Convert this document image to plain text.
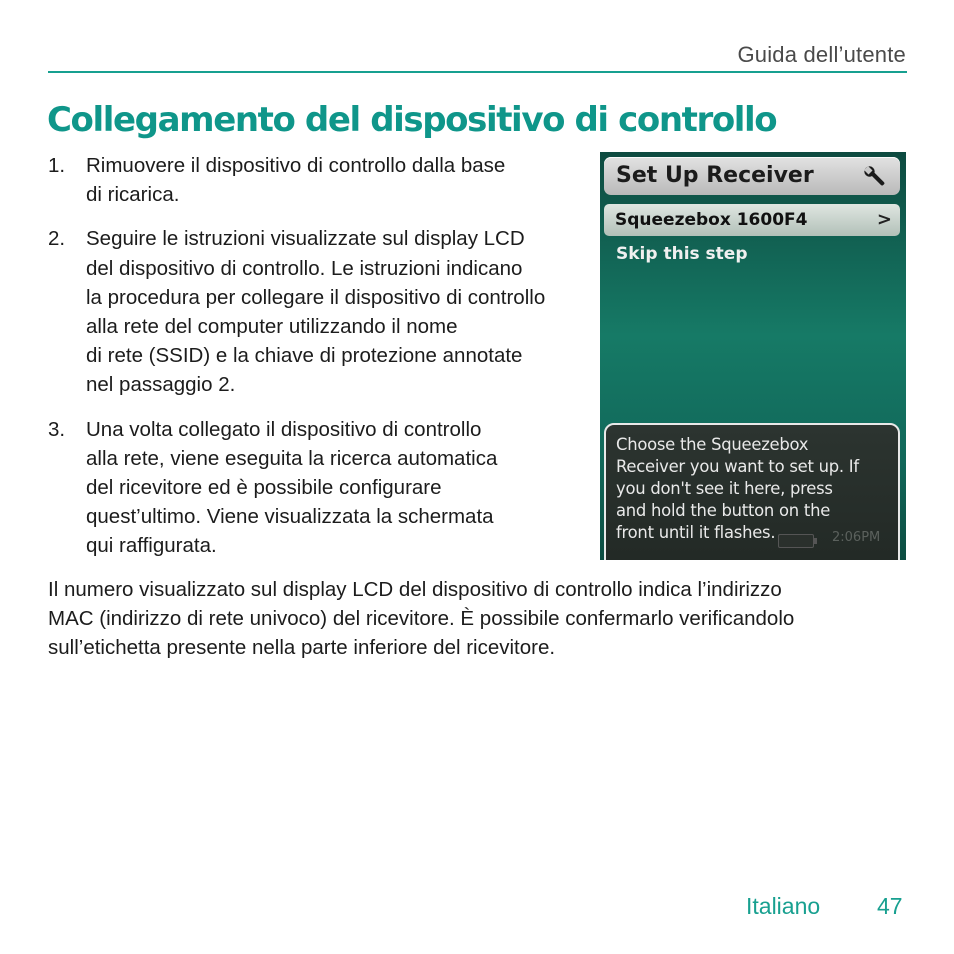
Guida dell’utente
Collegamento del dispositivo di controllo
1. Rimuovere il dispositivo di controllo dalla base
di ricarica.
2. Seguire le istruzioni visualizzate sul display LCD
del dispositivo di controllo. Le istruzioni indicano
la procedura per collegare il dispositivo di controllo
alla rete del computer utilizzando il nome
di rete (SSID) e la chiave di protezione annotate
nel passaggio 2.
3. Una volta collegato il dispositivo di controllo
alla rete, viene eseguita la ricerca automatica
del ricevitore ed è possibile configurare
quest’ultimo. Viene visualizzata la schermata
qui raffigurata.
Set Up Receiver
Squeezebox 1600F4	>
Skip this step
Choose the Squeezebox
Receiver you want to set up. If
you don't see it here, press
and hold the button on the
front until it flashes.	2:06PM
Il numero visualizzato sul display LCD del dispositivo di controllo indica l’indirizzo
MAC (indirizzo di rete univoco) del ricevitore. È possibile confermarlo verificandolo
sull’etichetta presente nella parte inferiore del ricevitore.
Italiano 47
